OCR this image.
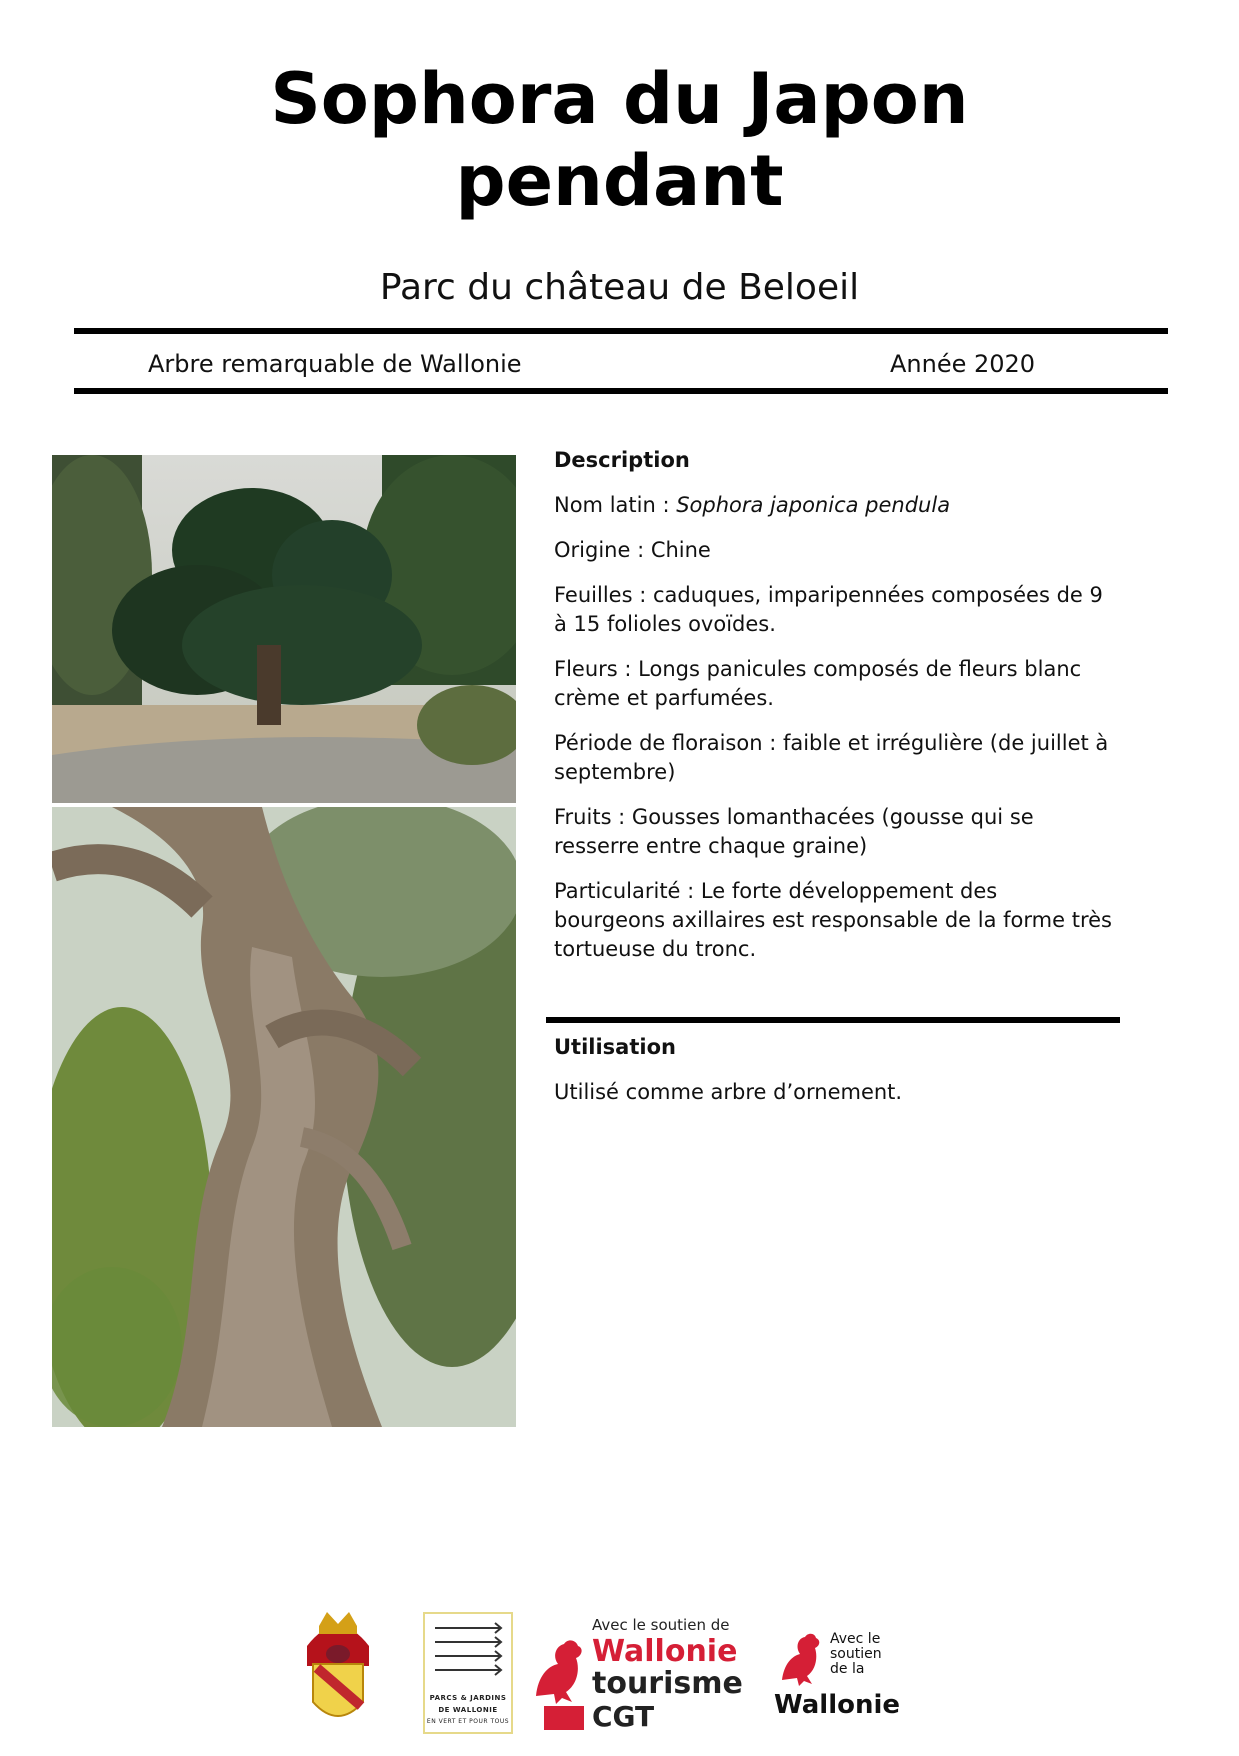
Sophora du Japon
pendant
Parc du château de Beloeil
Arbre remarquable de Wallonie	Année 2020
Description

Nom latin : Sophora japonica pendula

Origine : Chine

Feuilles : caduques, imparipennées composées de 9 à 15 folioles ovoïdes.

Fleurs : Longs panicules composés de fleurs blanc crème et parfumées.

Période de floraison : faible et irrégulière (de juillet à septembre)

Fruits : Gousses lomanthacées (gousse qui se resserre entre chaque graine)

Particularité : Le forte développement des bourgeons axillaires est responsable de la forme très tortueuse du tronc.

Utilisation

Utilisé comme arbre d’ornement.

PARCS & JARDINS
DE WALLONIE
EN VERT ET POUR TOUS
Avec le soutien de
Wallonie
tourisme
CGT
Avec le
soutien
de la
Wallonie
